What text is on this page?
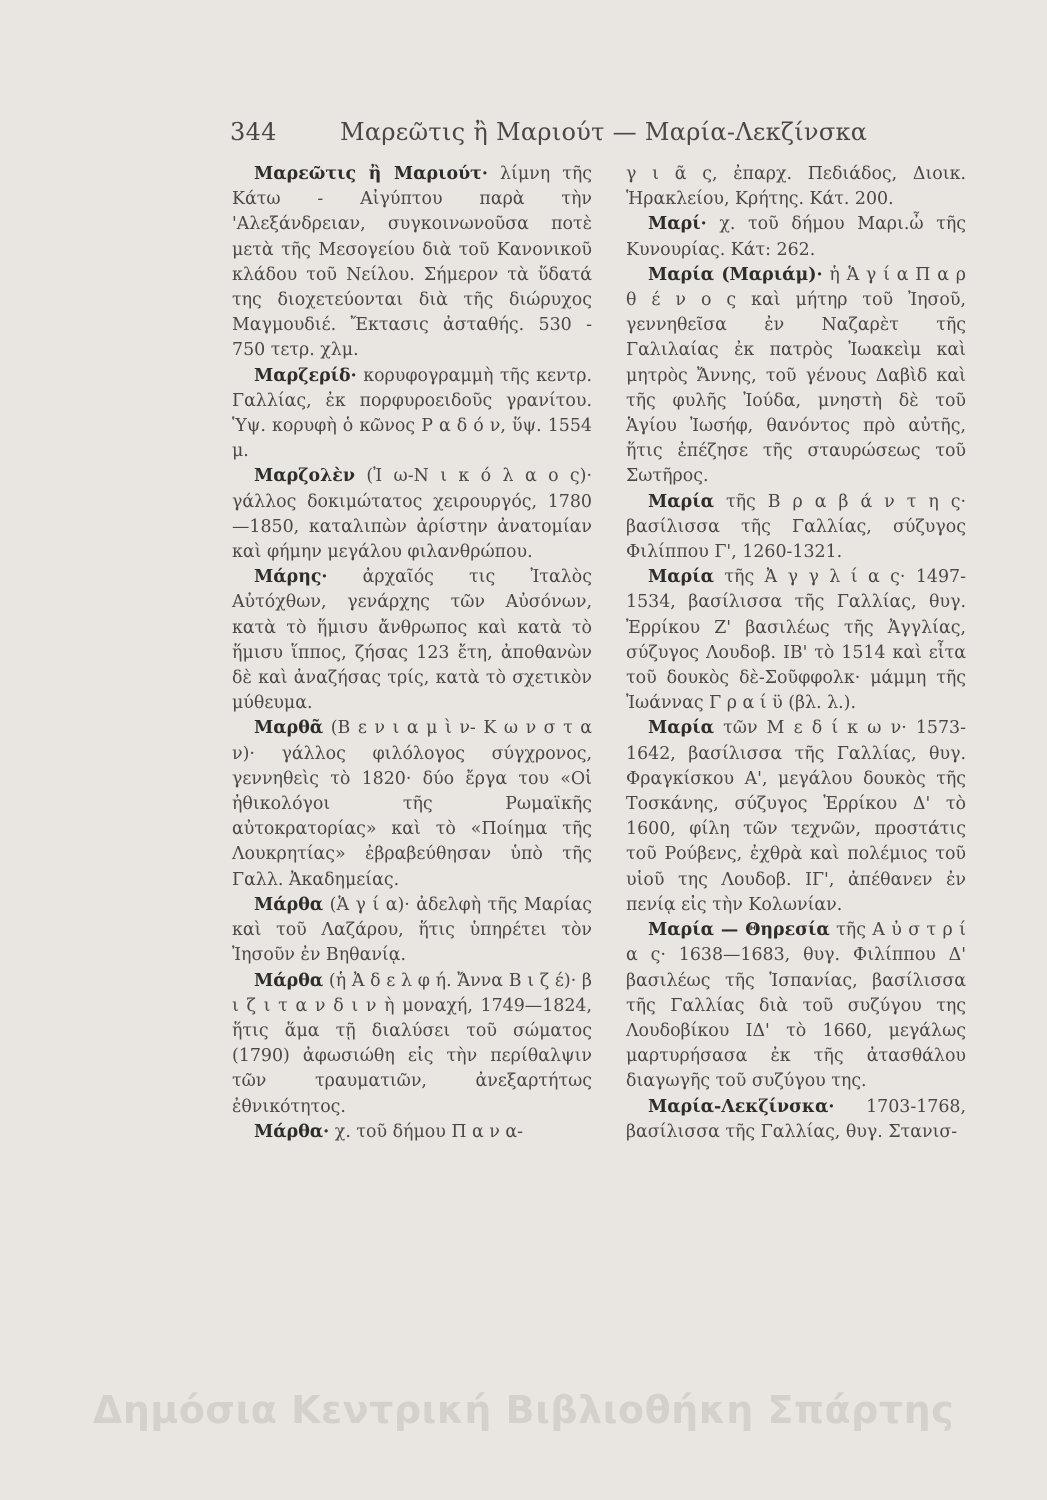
344	Μαρεῶτις ἢ Μαριούτ — Μαρία-Λεκζίνσκα

Μαρεῶτις ἢ Μαριούτ· λίμνη τῆς Κάτω - Αἰγύπτου παρὰ τὴν 'Αλεξάνδρειαν, συγκοινωνοῦσα ποτὲ μετὰ τῆς Μεσογείου διὰ τοῦ Κανονικοῦ κλάδου τοῦ Νείλου. Σήμερον τὰ ὕδατά της διοχετεύονται διὰ τῆς διώρυχος Μαγμουδιέ. Ἔκτασις ἀσταθής. 530 - 750 τετρ. χλμ.

Μαρζερίδ· κορυφογραμμὴ τῆς κεντρ. Γαλλίας, ἐκ πορφυροειδοῦς γρανίτου. Ὑψ. κορυφὴ ὁ κῶνος Ρ α δ ό ν, ὕψ. 1554 μ.

Μαρζολὲν (Ἰ ω-Ν ι κ ό λ α ο ς)· γάλλος δοκιμώτατος χειρουργός, 1780 —1850, καταλιπὼν ἀρίστην ἀνατομίαν καὶ φήμην μεγάλου φιλανθρώπου.

Μάρης· ἀρχαῖός τις Ἰταλὸς Αὐτόχθων, γενάρχης τῶν Αὐσόνων, κατὰ τὸ ἥμισυ ἄνθρωπος καὶ κατὰ τὸ ἥμισυ ἵππος, ζήσας 123 ἔτη, ἀποθανὼν δὲ καὶ ἀναζήσας τρίς, κατὰ τὸ σχετικὸν μύθευμα.

Μαρθᾶ (Β ε ν ι α μ ὶ ν- Κ ω ν σ τ α ν)· γάλλος φιλόλογος σύγχρονος, γεννηθεὶς τὸ 1820· δύο ἔργα του «Οἱ ἠθικολόγοι τῆς Ρωμαϊκῆς αὐτοκρατορίας» καὶ τὸ «Ποίημα τῆς Λουκρητίας» ἐβραβεύθησαν ὑπὸ τῆς Γαλλ. Ἀκαδημείας.

Μάρθα (Ἁ γ ί α)· ἀδελφὴ τῆς Μαρίας καὶ τοῦ Λαζάρου, ἥτις ὑπηρέτει τὸν Ἰησοῦν ἐν Βηθανίᾳ.

Μάρθα (ἡ Ἀ δ ε λ φ ή. Ἄννα Β ι ζ έ)· β ι ζ ι τ α ν δ ι ν ὴ μοναχή, 1749—1824, ἥτις ἅμα τῇ διαλύσει τοῦ σώματος (1790) ἀφωσιώθη εἰς τὴν περίθαλψιν τῶν τραυματιῶν, ἀνεξαρτήτως ἐθνικότητος.

Μάρθα· χ. τοῦ δήμου Π α ν α-

γ ι ᾶ ς, ἐπαρχ. Πεδιάδος, Διοικ. Ἡρακλείου, Κρήτης. Κάτ. 200.

Μαρί· χ. τοῦ δήμου Μαρι.ὦ τῆς Κυνουρίας. Κάτ: 262.

Μαρία (Μαριάμ)· ἡ Ἁ γ ί α Π α ρ θ έ ν ο ς καὶ μήτηρ τοῦ Ἰησοῦ, γεννηθεῖσα ἐν Ναζαρὲτ τῆς Γαλιλαίας ἐκ πατρὸς Ἰωακεὶμ καὶ μητρὸς Ἄννης, τοῦ γένους Δαβὶδ καὶ τῆς φυλῆς Ἰούδα, μνηστὴ δὲ τοῦ Ἁγίου Ἰωσήφ, θανόντος πρὸ αὐτῆς, ἥτις ἐπέζησε τῆς σταυρώσεως τοῦ Σωτῆρος.

Μαρία τῆς Β ρ α β ά ν τ η ς· βασίλισσα τῆς Γαλλίας, σύζυγος Φιλίππου Γ', 1260-1321.

Μαρία τῆς Ἀ γ γ λ ί α ς· 1497-1534, βασίλισσα τῆς Γαλλίας, θυγ. Ἐρρίκου Ζ' βασιλέως τῆς Ἀγγλίας, σύζυγος Λουδοβ. ΙΒ' τὸ 1514 καὶ εἶτα τοῦ δουκὸς δὲ-Σοῦφφολκ· μάμμη τῆς Ἰωάννας Γ ρ α ί ϋ (βλ. λ.).

Μαρία τῶν Μ ε δ ί κ ω ν· 1573-1642, βασίλισσα τῆς Γαλλίας, θυγ. Φραγκίσκου Α', μεγάλου δουκὸς τῆς Τοσκάνης, σύζυγος Ἐρρίκου Δ' τὸ 1600, φίλη τῶν τεχνῶν, προστάτις τοῦ Ρούβενς, ἐχθρὰ καὶ πολέμιος τοῦ υἱοῦ της Λουδοβ. ΙΓ', ἀπέθανεν ἐν πενίᾳ εἰς τὴν Κολωνίαν.

Μαρία — Θηρεσία τῆς Α ὐ σ τ ρ ί α ς· 1638—1683, θυγ. Φιλίππου Δ' βασιλέως τῆς Ἱσπανίας, βασίλισσα τῆς Γαλλίας διὰ τοῦ συζύγου της Λουδοβίκου ΙΔ' τὸ 1660, μεγάλως μαρτυρήσασα ἐκ τῆς ἀτασθάλου διαγωγῆς τοῦ συζύγου της.

Μαρία-Λεκζίνσκα· 1703-1768, βασίλισσα τῆς Γαλλίας, θυγ. Στανισ-

Δημόσια Κεντρική Βιβλιοθήκη Σπάρτης
